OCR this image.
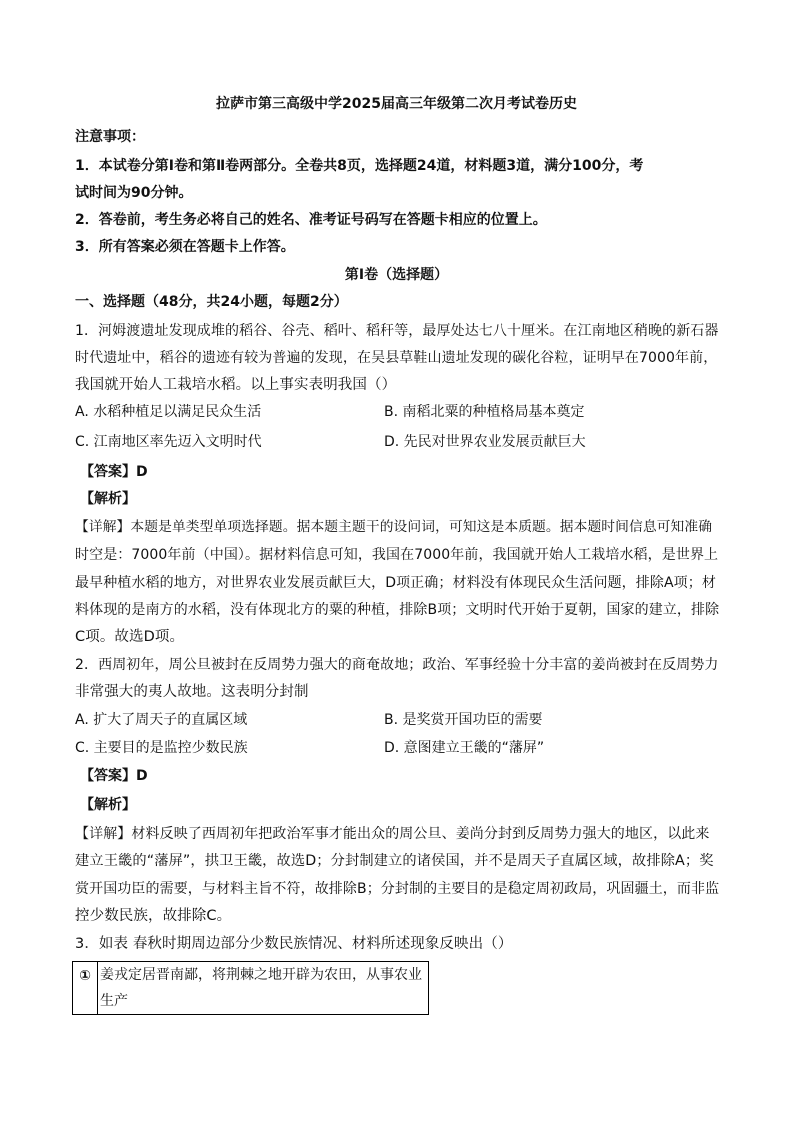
拉萨市第三高级中学2025届高三年级第二次月考试卷历史
注意事项：
1．本试卷分第Ⅰ卷和第Ⅱ卷两部分。全卷共8页，选择题24道，材料题3道，满分100分，考
试时间为90分钟。
2．答卷前，考生务必将自己的姓名、准考证号码写在答题卡相应的位置上。
3．所有答案必须在答题卡上作答。
第Ⅰ卷（选择题）
一、选择题（48分，共24小题，每题2分）
1．河姆渡遗址发现成堆的稻谷、谷壳、稻叶、稻秆等，最厚处达七八十厘米。在江南地区稍晚的新石器
时代遗址中，稻谷的遗迹有较为普遍的发现，在吴县草鞋山遗址发现的碳化谷粒，证明早在7000年前，
我国就开始人工栽培水稻。以上事实表明我国（）
A. 水稻种植足以满足民众生活	B. 南稻北粟的种植格局基本奠定
C. 江南地区率先迈入文明时代	D. 先民对世界农业发展贡献巨大
【答案】D
【解析】
【详解】本题是单类型单项选择题。据本题主题干的设问词，可知这是本质题。据本题时间信息可知准确
时空是：7000年前（中国）。据材料信息可知，我国在7000年前，我国就开始人工栽培水稻，是世界上
最早种植水稻的地方，对世界农业发展贡献巨大，D项正确；材料没有体现民众生活问题，排除A项；材
料体现的是南方的水稻，没有体现北方的粟的种植，排除B项；文明时代开始于夏朝，国家的建立，排除
C项。故选D项。
2．西周初年，周公旦被封在反周势力强大的商奄故地；政治、军事经验十分丰富的姜尚被封在反周势力
非常强大的夷人故地。这表明分封制
A. 扩大了周天子的直属区域	B. 是奖赏开国功臣的需要
C. 主要目的是监控少数民族	D. 意图建立王畿的“藩屏”
【答案】D
【解析】
【详解】材料反映了西周初年把政治军事才能出众的周公旦、姜尚分封到反周势力强大的地区，以此来
建立王畿的“藩屏”，拱卫王畿，故选D；分封制建立的诸侯国，并不是周天子直属区域，故排除A；奖
赏开国功臣的需要，与材料主旨不符，故排除B；分封制的主要目的是稳定周初政局，巩固疆土，而非监
控少数民族，故排除C。
3．如表 春秋时期周边部分少数民族情况、材料所述现象反映出（）
①	姜戎定居晋南鄙，将荆棘之地开辟为农田，从事农业生产
